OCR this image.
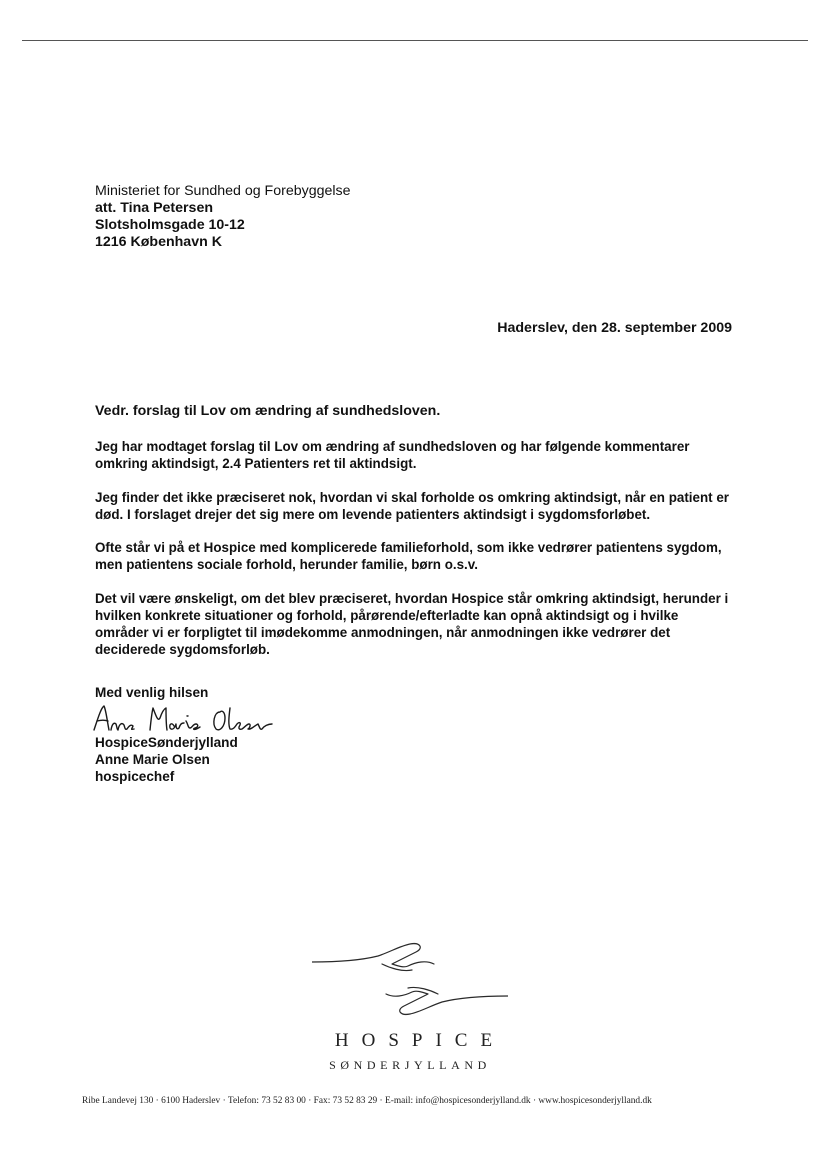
Ministeriet for Sundhed og Forebyggelse
att. Tina Petersen
Slotsholmsgade 10-12
1216 København K
Haderslev, den 28. september 2009
Vedr. forslag til Lov om ændring af sundhedsloven.
Jeg har modtaget forslag til Lov om ændring af sundhedsloven og har følgende kommentarer omkring aktindsigt, 2.4 Patienters ret til aktindsigt.
Jeg finder det ikke præciseret nok, hvordan vi skal forholde os omkring aktindsigt, når en patient er død. I forslaget drejer det sig mere om levende patienters aktindsigt i sygdomsforløbet.
Ofte står vi på et Hospice med komplicerede familieforhold, som ikke vedrører patientens sygdom, men patientens sociale forhold, herunder familie, børn o.s.v.
Det vil være ønskeligt, om det blev præciseret, hvordan Hospice står omkring aktindsigt, herunder i hvilken konkrete situationer og forhold, pårørende/efterladte kan opnå aktindsigt og i hvilke områder vi er forpligtet til imødekomme anmodningen, når anmodningen ikke vedrører det deciderede sygdomsforløb.
Med venlig hilsen
HospiceSønderjylland
Anne Marie Olsen
hospicechef
HOSPICE
SØNDERJYLLAND
Ribe Landevej 130 · 6100 Haderslev · Telefon: 73 52 83 00 · Fax: 73 52 83 29 · E-mail: info@hospicesonderjylland.dk · www.hospicesonderjylland.dk
